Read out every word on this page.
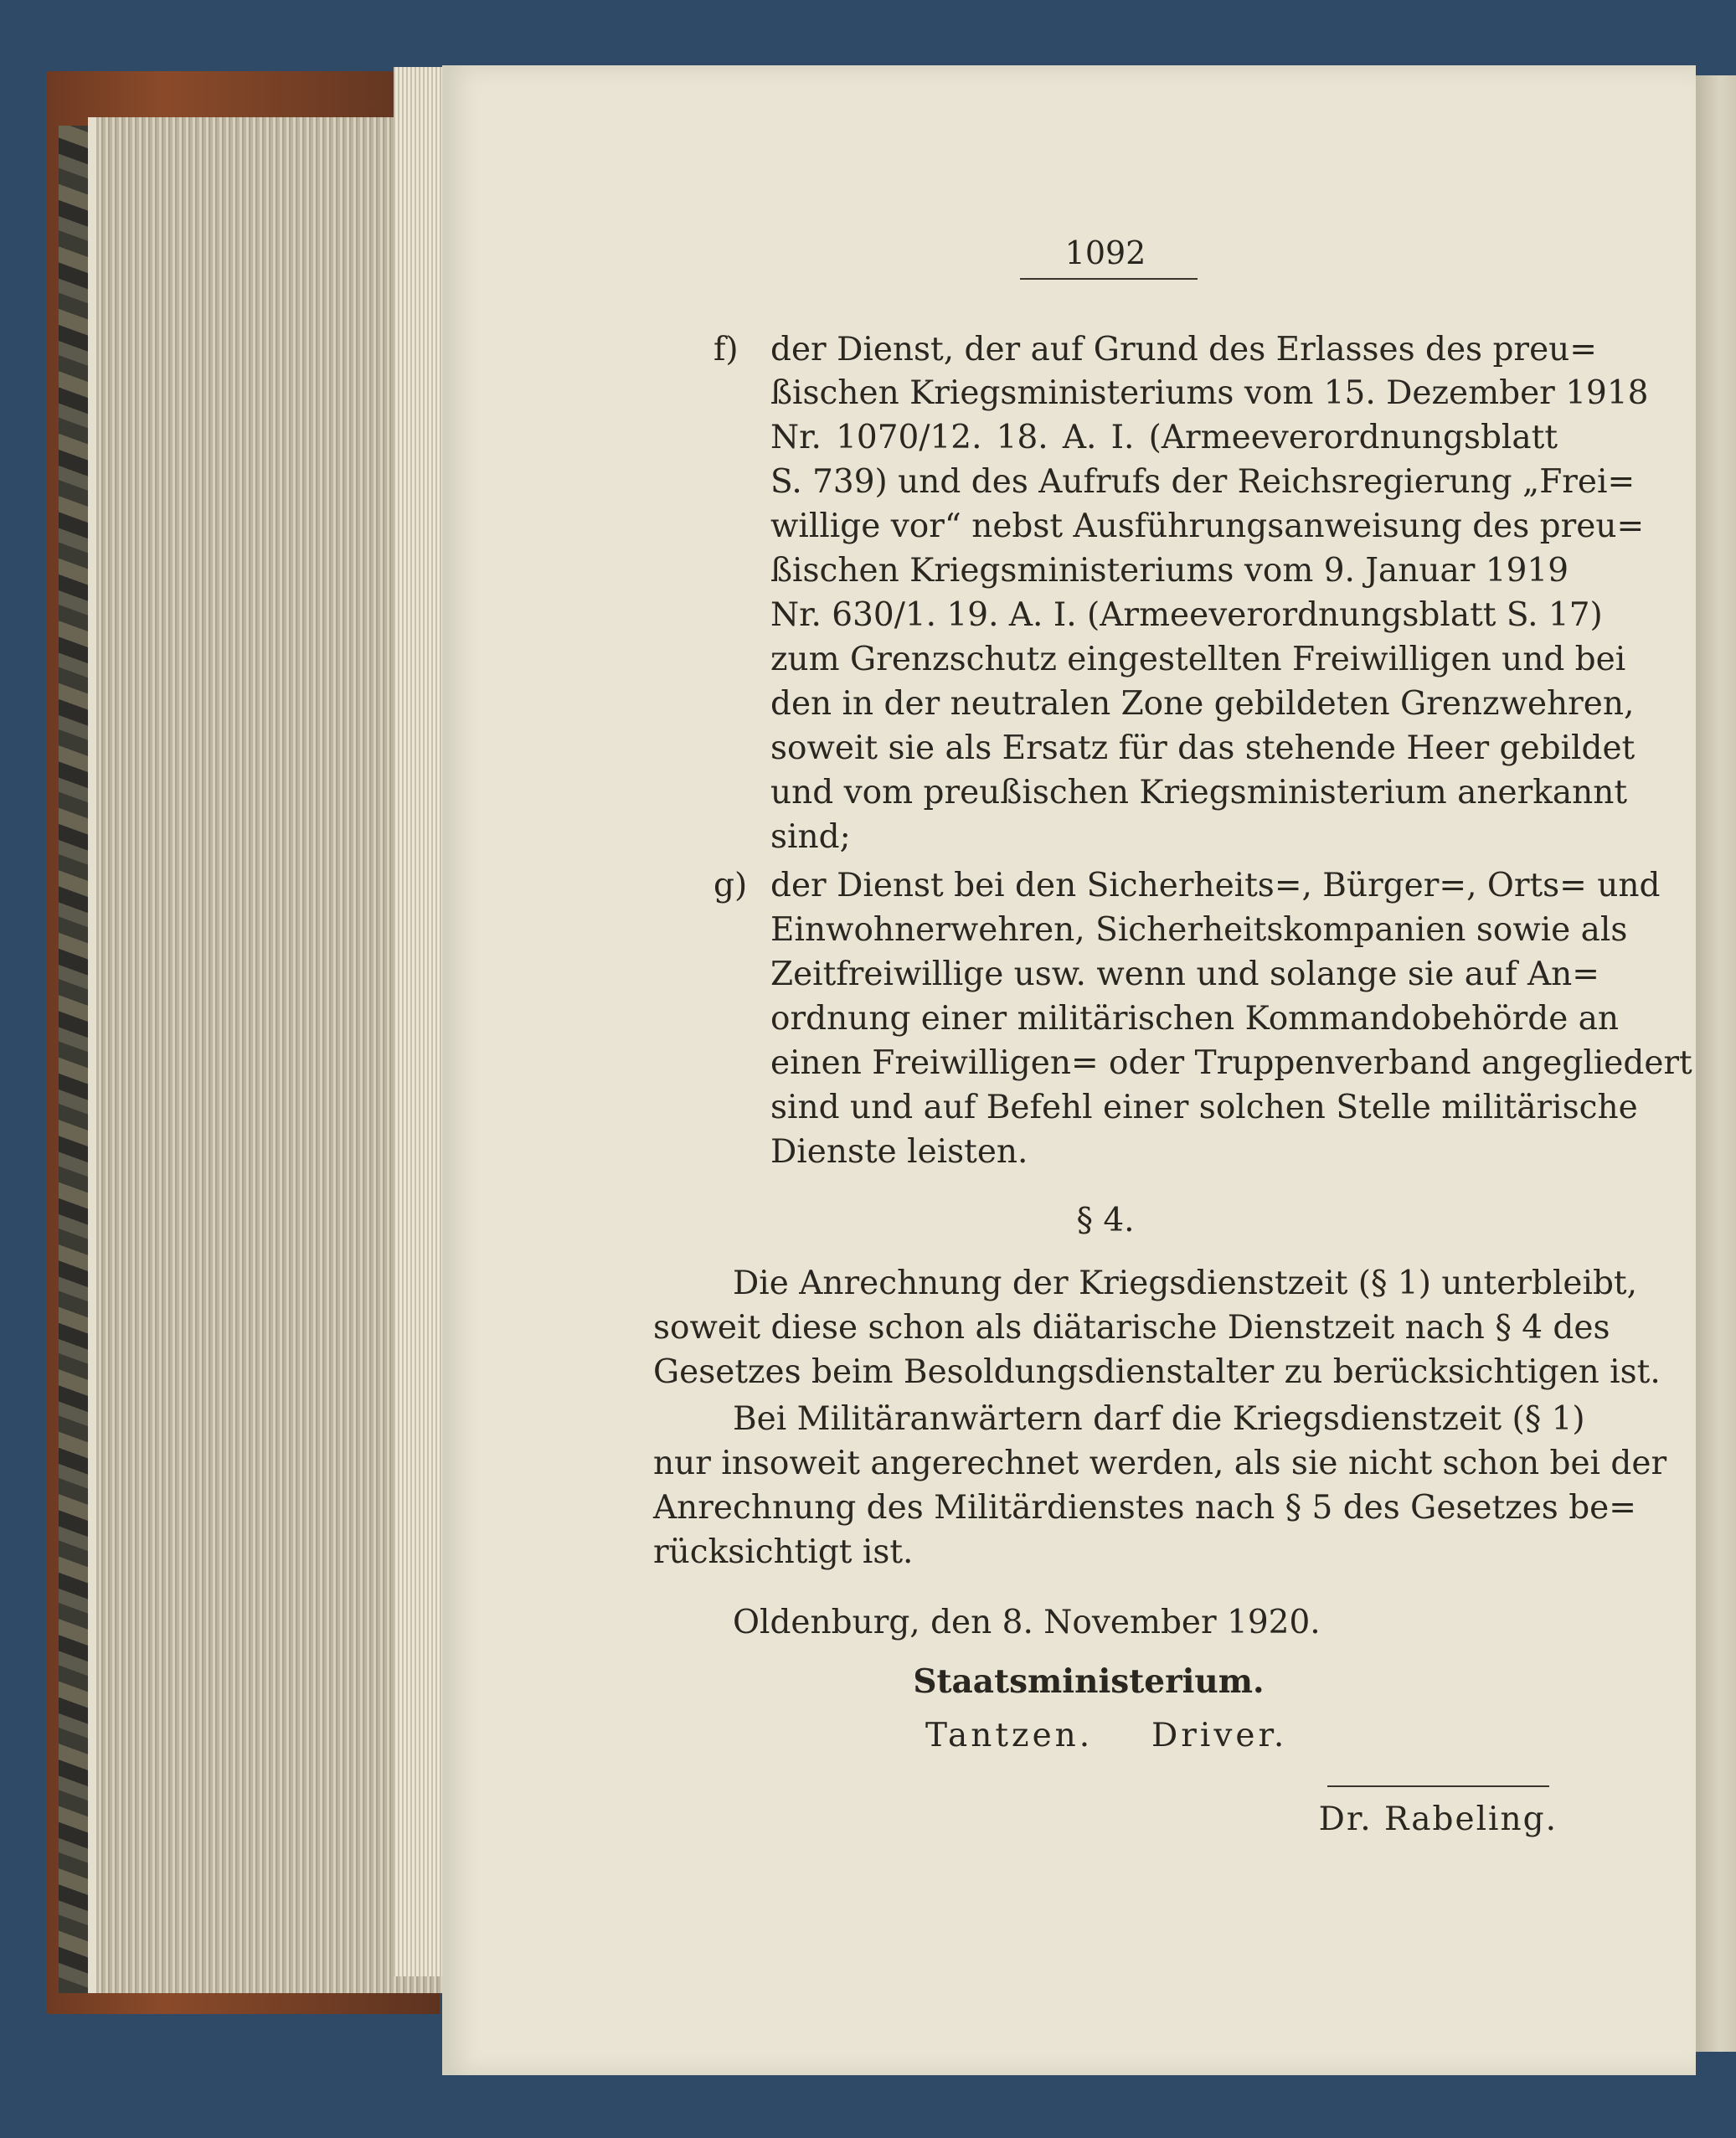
1092
f) der Dienst, der auf Grund des Erlasses des preu=
ßischen Kriegsministeriums vom 15. Dezember 1918
Nr. 1070/12. 18. A. I. (Armeeverordnungsblatt
S. 739) und des Aufrufs der Reichsregierung „Frei=
willige vor“ nebst Ausführungsanweisung des preu=
ßischen Kriegsministeriums vom 9. Januar 1919
Nr. 630/1. 19. A. I. (Armeeverordnungsblatt S. 17)
zum Grenzschutz eingestellten Freiwilligen und bei
den in der neutralen Zone gebildeten Grenzwehren,
soweit sie als Ersatz für das stehende Heer gebildet
und vom preußischen Kriegsministerium anerkannt
sind;
g) der Dienst bei den Sicherheits=, Bürger=, Orts= und
Einwohnerwehren, Sicherheitskompanien sowie als
Zeitfreiwillige usw. wenn und solange sie auf An=
ordnung einer militärischen Kommandobehörde an
einen Freiwilligen= oder Truppenverband angegliedert
sind und auf Befehl einer solchen Stelle militärische
Dienste leisten.
§ 4.
Die Anrechnung der Kriegsdienstzeit (§ 1) unterbleibt,
soweit diese schon als diätarische Dienstzeit nach § 4 des
Gesetzes beim Besoldungsdienstalter zu berücksichtigen ist.
Bei Militäranwärtern darf die Kriegsdienstzeit (§ 1)
nur insoweit angerechnet werden, als sie nicht schon bei der
Anrechnung des Militärdienstes nach § 5 des Gesetzes be=
rücksichtigt ist.
Oldenburg, den 8. November 1920.
Staatsministerium.
Tantzen. Driver.
Dr. Rabeling.
